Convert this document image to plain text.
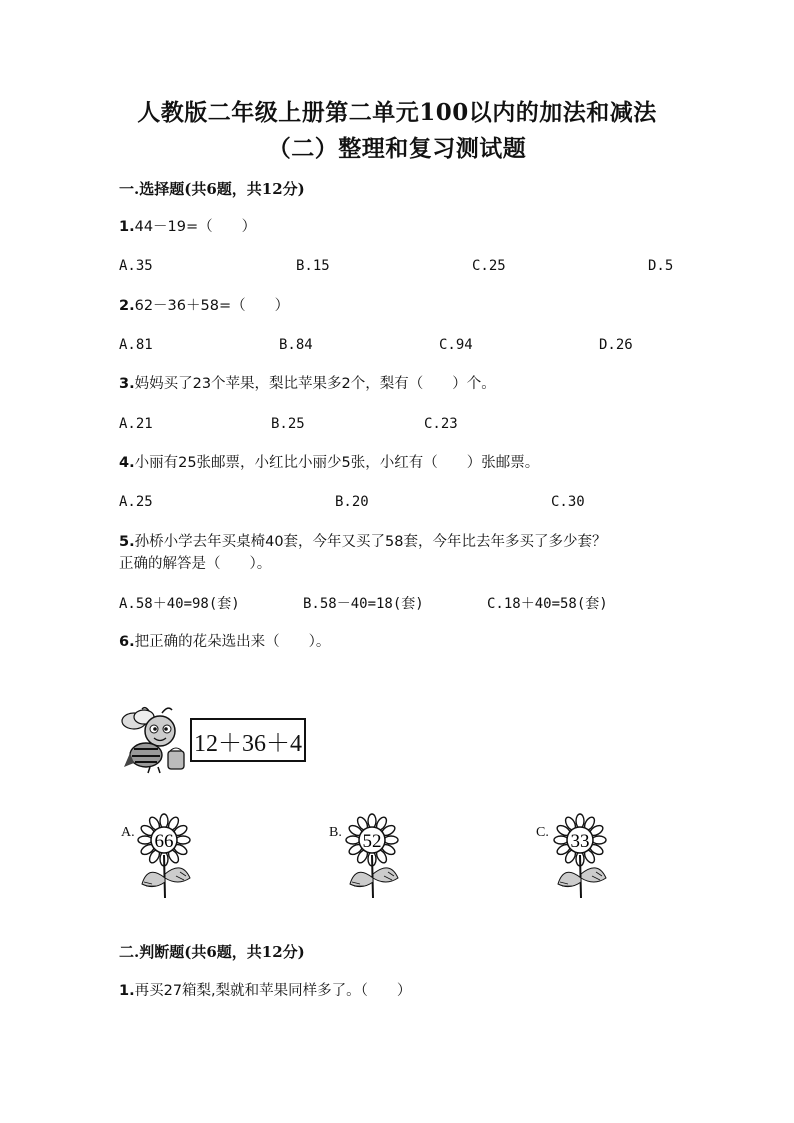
人教版二年级上册第二单元100以内的加法和减法
（二）整理和复习测试题
一.选择题(共6题，共12分)
1.44－19=（　　）
A.35	B.15	C.25	D.5
2.62－36＋58=（　　）
A.81	B.84	C.94	D.26
3.妈妈买了23个苹果，梨比苹果多2个，梨有（　　）个。
A.21	B.25	C.23
4.小丽有25张邮票，小红比小丽少5张，小红有（　　）张邮票。
A.25	B.20	C.30
5.孙桥小学去年买桌椅40套，今年又买了58套，今年比去年多买了多少套？
正确的解答是（　　）。
A.58＋40=98(套)	B.58－40=18(套)	C.18＋40=58(套)
6.把正确的花朵选出来（　　）。
12＋36＋4
A.	B.	C.
66	52	33
二.判断题(共6题，共12分)
1.再买27箱梨,梨就和苹果同样多了。（　　）
